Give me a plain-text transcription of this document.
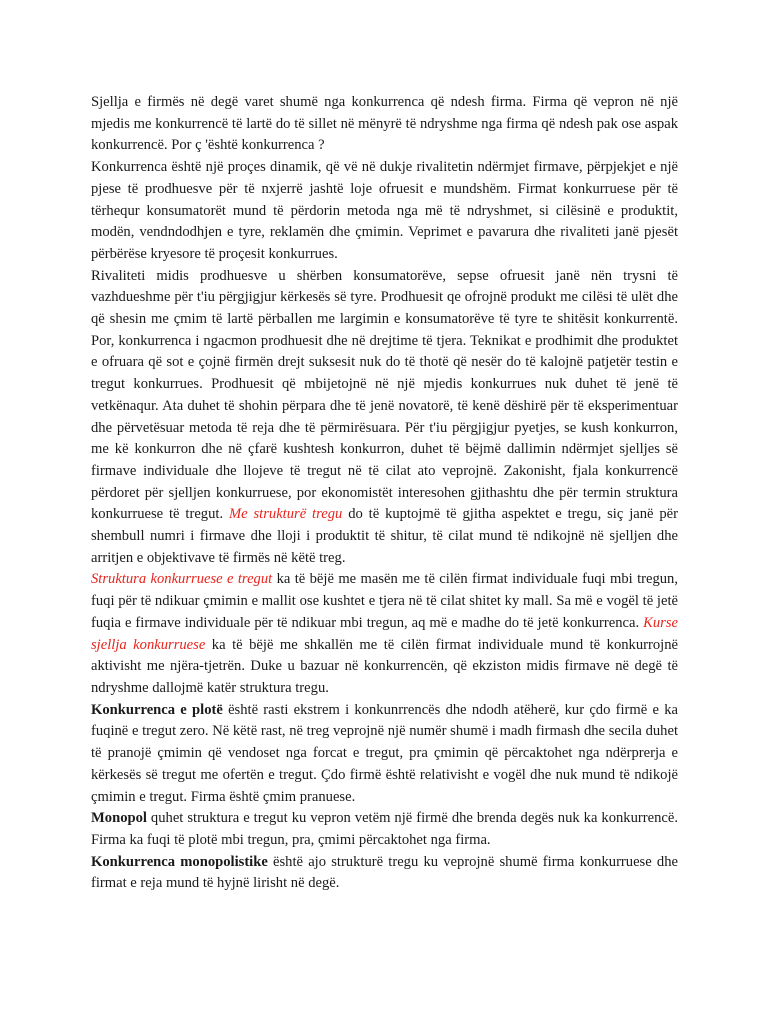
Sjellja e firmës në degë varet shumë nga konkurrenca që ndesh firma. Firma që vepron në një mjedis me konkurrencë të lartë do të sillet në mënyrë të ndryshme nga firma që ndesh pak ose aspak konkurrencë. Por ç 'është konkurrenca ?

Konkurrenca është një proçes dinamik, që vë në dukje rivalitetin ndërmjet firmave, përpjekjet e një pjese të prodhuesve për të nxjerrë jashtë loje ofruesit e mundshëm. Firmat konkurruese për të tërhequr konsumatorët mund të përdorin metoda nga më të ndryshmet, si cilësinë e produktit, modën, vendndodhjen e tyre, reklamën dhe çmimin. Veprimet e pavarura dhe rivaliteti janë pjesët përbërëse kryesore të proçesit konkurrues.

Rivaliteti midis prodhuesve u shërben konsumatorëve, sepse ofruesit janë nën trysni të vazhdueshme për t'iu përgjigjur kërkesës së tyre. Prodhuesit qe ofrojnë produkt me cilësi të ulët dhe që shesin me çmim të lartë përballen me largimin e konsumatorëve të tyre te shitësit konkurrentë. Por, konkurrenca i ngacmon prodhuesit dhe në drejtime të tjera. Teknikat e prodhimit dhe produktet e ofruara që sot e çojnë firmën drejt suksesit nuk do të thotë që nesër do të kalojnë patjetër testin e tregut konkurrues. Prodhuesit që mbijetojnë në një mjedis konkurrues nuk duhet të jenë të vetkënaqur. Ata duhet të shohin përpara dhe të jenë novatorë, të kenë dëshirë për të eksperimentuar dhe përvetësuar metoda të reja dhe të përmirësuara. Për t'iu përgjigjur pyetjes, se kush konkurron, me kë konkurron dhe në çfarë kushtesh konkurron, duhet të bëjmë dallimin ndërmjet sjelljes së firmave individuale dhe llojeve të tregut në të cilat ato veprojnë. Zakonisht, fjala konkurrencë përdoret për sjelljen konkurruese, por ekonomistët interesohen gjithashtu dhe për termin struktura konkurruese të tregut. Me strukturë tregu do të kuptojmë të gjitha aspektet e tregu, siç janë për shembull numri i firmave dhe lloji i produktit të shitur, të cilat mund të ndikojnë në sjelljen dhe arritjen e objektivave të firmës në këtë treg.

Struktura konkurruese e tregut ka të bëjë me masën me të cilën firmat individuale fuqi mbi tregun, fuqi për të ndikuar çmimin e mallit ose kushtet e tjera në të cilat shitet ky mall. Sa më e vogël të jetë fuqia e firmave individuale për të ndikuar mbi tregun, aq më e madhe do të jetë konkurrenca. Kurse sjellja konkurruese ka të bëjë me shkallën me të cilën firmat individuale mund të konkurrojnë aktivisht me njëra-tjetrën. Duke u bazuar në konkurrencën, që ekziston midis firmave në degë të ndryshme dallojmë katër struktura tregu.

Konkurrenca e plotë është rasti ekstrem i konkunrrencës dhe ndodh atëherë, kur çdo firmë e ka fuqinë e tregut zero. Në këtë rast, në treg veprojnë një numër shumë i madh firmash dhe secila duhet të pranojë çmimin që vendoset nga forcat e tregut, pra çmimin që përcaktohet nga ndërprerja e kërkesës së tregut me ofertën e tregut. Çdo firmë është relativisht e vogël dhe nuk mund të ndikojë çmimin e tregut. Firma është çmim pranuese.

Monopol quhet struktura e tregut ku vepron vetëm një firmë dhe brenda degës nuk ka konkurrencë. Firma ka fuqi të plotë mbi tregun, pra, çmimi përcaktohet nga firma.

Konkurrenca monopolistike është ajo strukturë tregu ku veprojnë shumë firma konkurruese dhe firmat e reja mund të hyjnë lirisht në degë.
